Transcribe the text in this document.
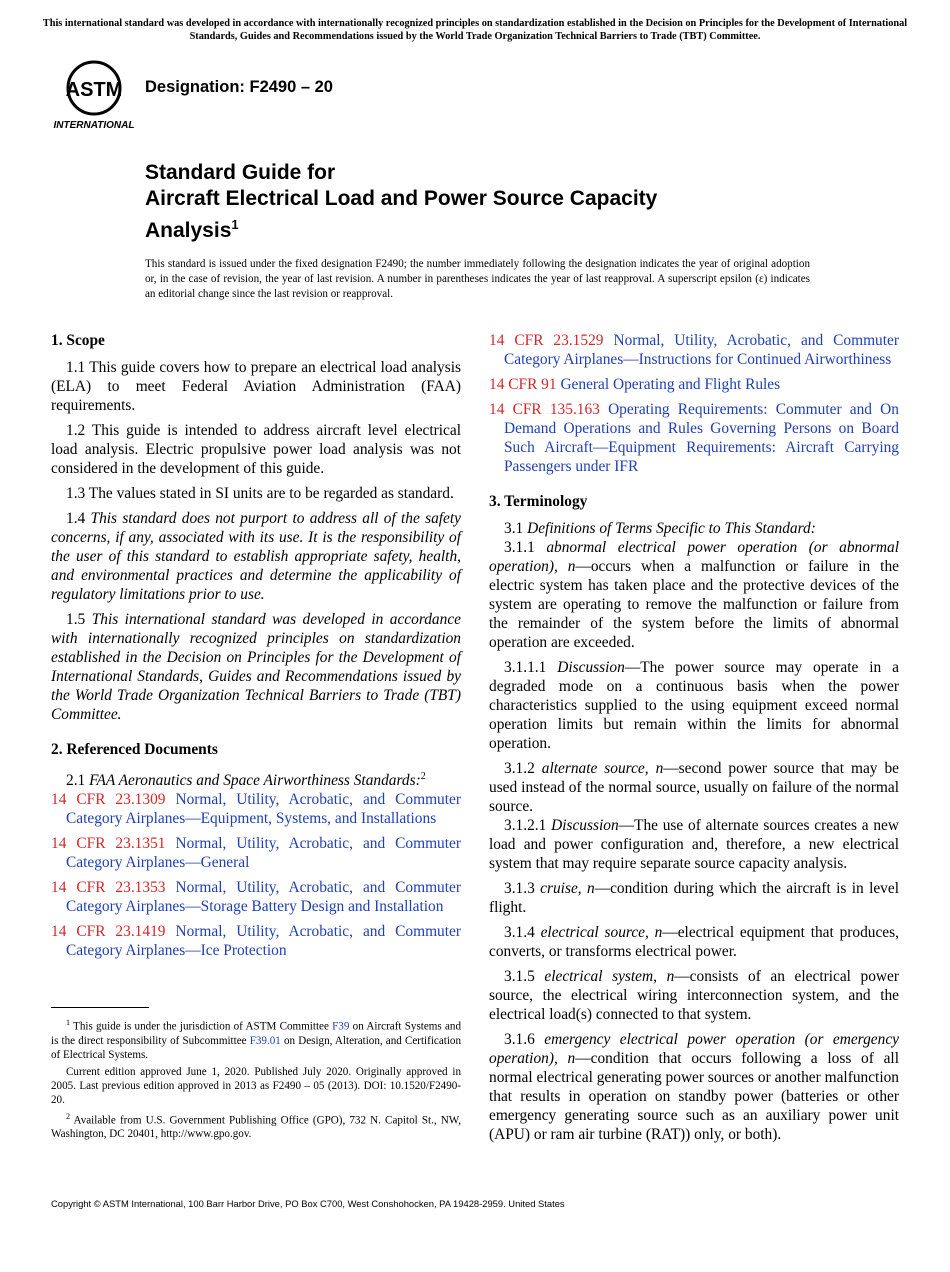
This international standard was developed in accordance with internationally recognized principles on standardization established in the Decision on Principles for the Development of International Standards, Guides and Recommendations issued by the World Trade Organization Technical Barriers to Trade (TBT) Committee.
ASTM
INTERNATIONAL
Designation: F2490 – 20
Standard Guide for
Aircraft Electrical Load and Power Source Capacity
Analysis$^1$
This standard is issued under the fixed designation F2490; the number immediately following the designation indicates the year of original adoption or, in the case of revision, the year of last revision. A number in parentheses indicates the year of last reapproval. A superscript epsilon (ε) indicates an editorial change since the last revision or reapproval.
1. Scope

1.1 This guide covers how to prepare an electrical load analysis (ELA) to meet Federal Aviation Administration (FAA) requirements.

1.2 This guide is intended to address aircraft level electrical load analysis. Electric propulsive power load analysis was not considered in the development of this guide.

1.3 The values stated in SI units are to be regarded as standard.

1.4 This standard does not purport to address all of the safety concerns, if any, associated with its use. It is the responsibility of the user of this standard to establish appropriate safety, health, and environmental practices and determine the applicability of regulatory limitations prior to use.

1.5 This international standard was developed in accordance with internationally recognized principles on standardization established in the Decision on Principles for the Development of International Standards, Guides and Recommendations issued by the World Trade Organization Technical Barriers to Trade (TBT) Committee.

2. Referenced Documents

2.1 FAA Aeronautics and Space Airworthiness Standards:$^2$

14 CFR 23.1309 Normal, Utility, Acrobatic, and Commuter Category Airplanes—Equipment, Systems, and Installations

14 CFR 23.1351 Normal, Utility, Acrobatic, and Commuter Category Airplanes—General

14 CFR 23.1353 Normal, Utility, Acrobatic, and Commuter Category Airplanes—Storage Battery Design and Installation

14 CFR 23.1419 Normal, Utility, Acrobatic, and Commuter Category Airplanes—Ice Protection

14 CFR 23.1529 Normal, Utility, Acrobatic, and Commuter Category Airplanes—Instructions for Continued Airworthiness

14 CFR 91 General Operating and Flight Rules

14 CFR 135.163 Operating Requirements: Commuter and On Demand Operations and Rules Governing Persons on Board Such Aircraft—Equipment Requirements: Aircraft Carrying Passengers under IFR

3. Terminology

3.1 Definitions of Terms Specific to This Standard:

3.1.1 abnormal electrical power operation (or abnormal operation), n—occurs when a malfunction or failure in the electric system has taken place and the protective devices of the system are operating to remove the malfunction or failure from the remainder of the system before the limits of abnormal operation are exceeded.

3.1.1.1 Discussion—The power source may operate in a degraded mode on a continuous basis when the power characteristics supplied to the using equipment exceed normal operation limits but remain within the limits for abnormal operation.

3.1.2 alternate source, n—second power source that may be used instead of the normal source, usually on failure of the normal source.

3.1.2.1 Discussion—The use of alternate sources creates a new load and power configuration and, therefore, a new electrical system that may require separate source capacity analysis.

3.1.3 cruise, n—condition during which the aircraft is in level flight.

3.1.4 electrical source, n—electrical equipment that produces, converts, or transforms electrical power.

3.1.5 electrical system, n—consists of an electrical power source, the electrical wiring interconnection system, and the electrical load(s) connected to that system.

3.1.6 emergency electrical power operation (or emergency operation), n—condition that occurs following a loss of all normal electrical generating power sources or another malfunction that results in operation on standby power (batteries or other emergency generating source such as an auxiliary power unit (APU) or ram air turbine (RAT)) only, or both).

$^1$ This guide is under the jurisdiction of ASTM Committee F39 on Aircraft Systems and is the direct responsibility of Subcommittee F39.01 on Design, Alteration, and Certification of Electrical Systems.

Current edition approved June 1, 2020. Published July 2020. Originally approved in 2005. Last previous edition approved in 2013 as F2490 – 05 (2013). DOI: 10.1520/F2490-20.

$^2$ Available from U.S. Government Publishing Office (GPO), 732 N. Capitol St., NW, Washington, DC 20401, http://www.gpo.gov.

Copyright © ASTM International, 100 Barr Harbor Drive, PO Box C700, West Conshohocken, PA 19428-2959. United States
